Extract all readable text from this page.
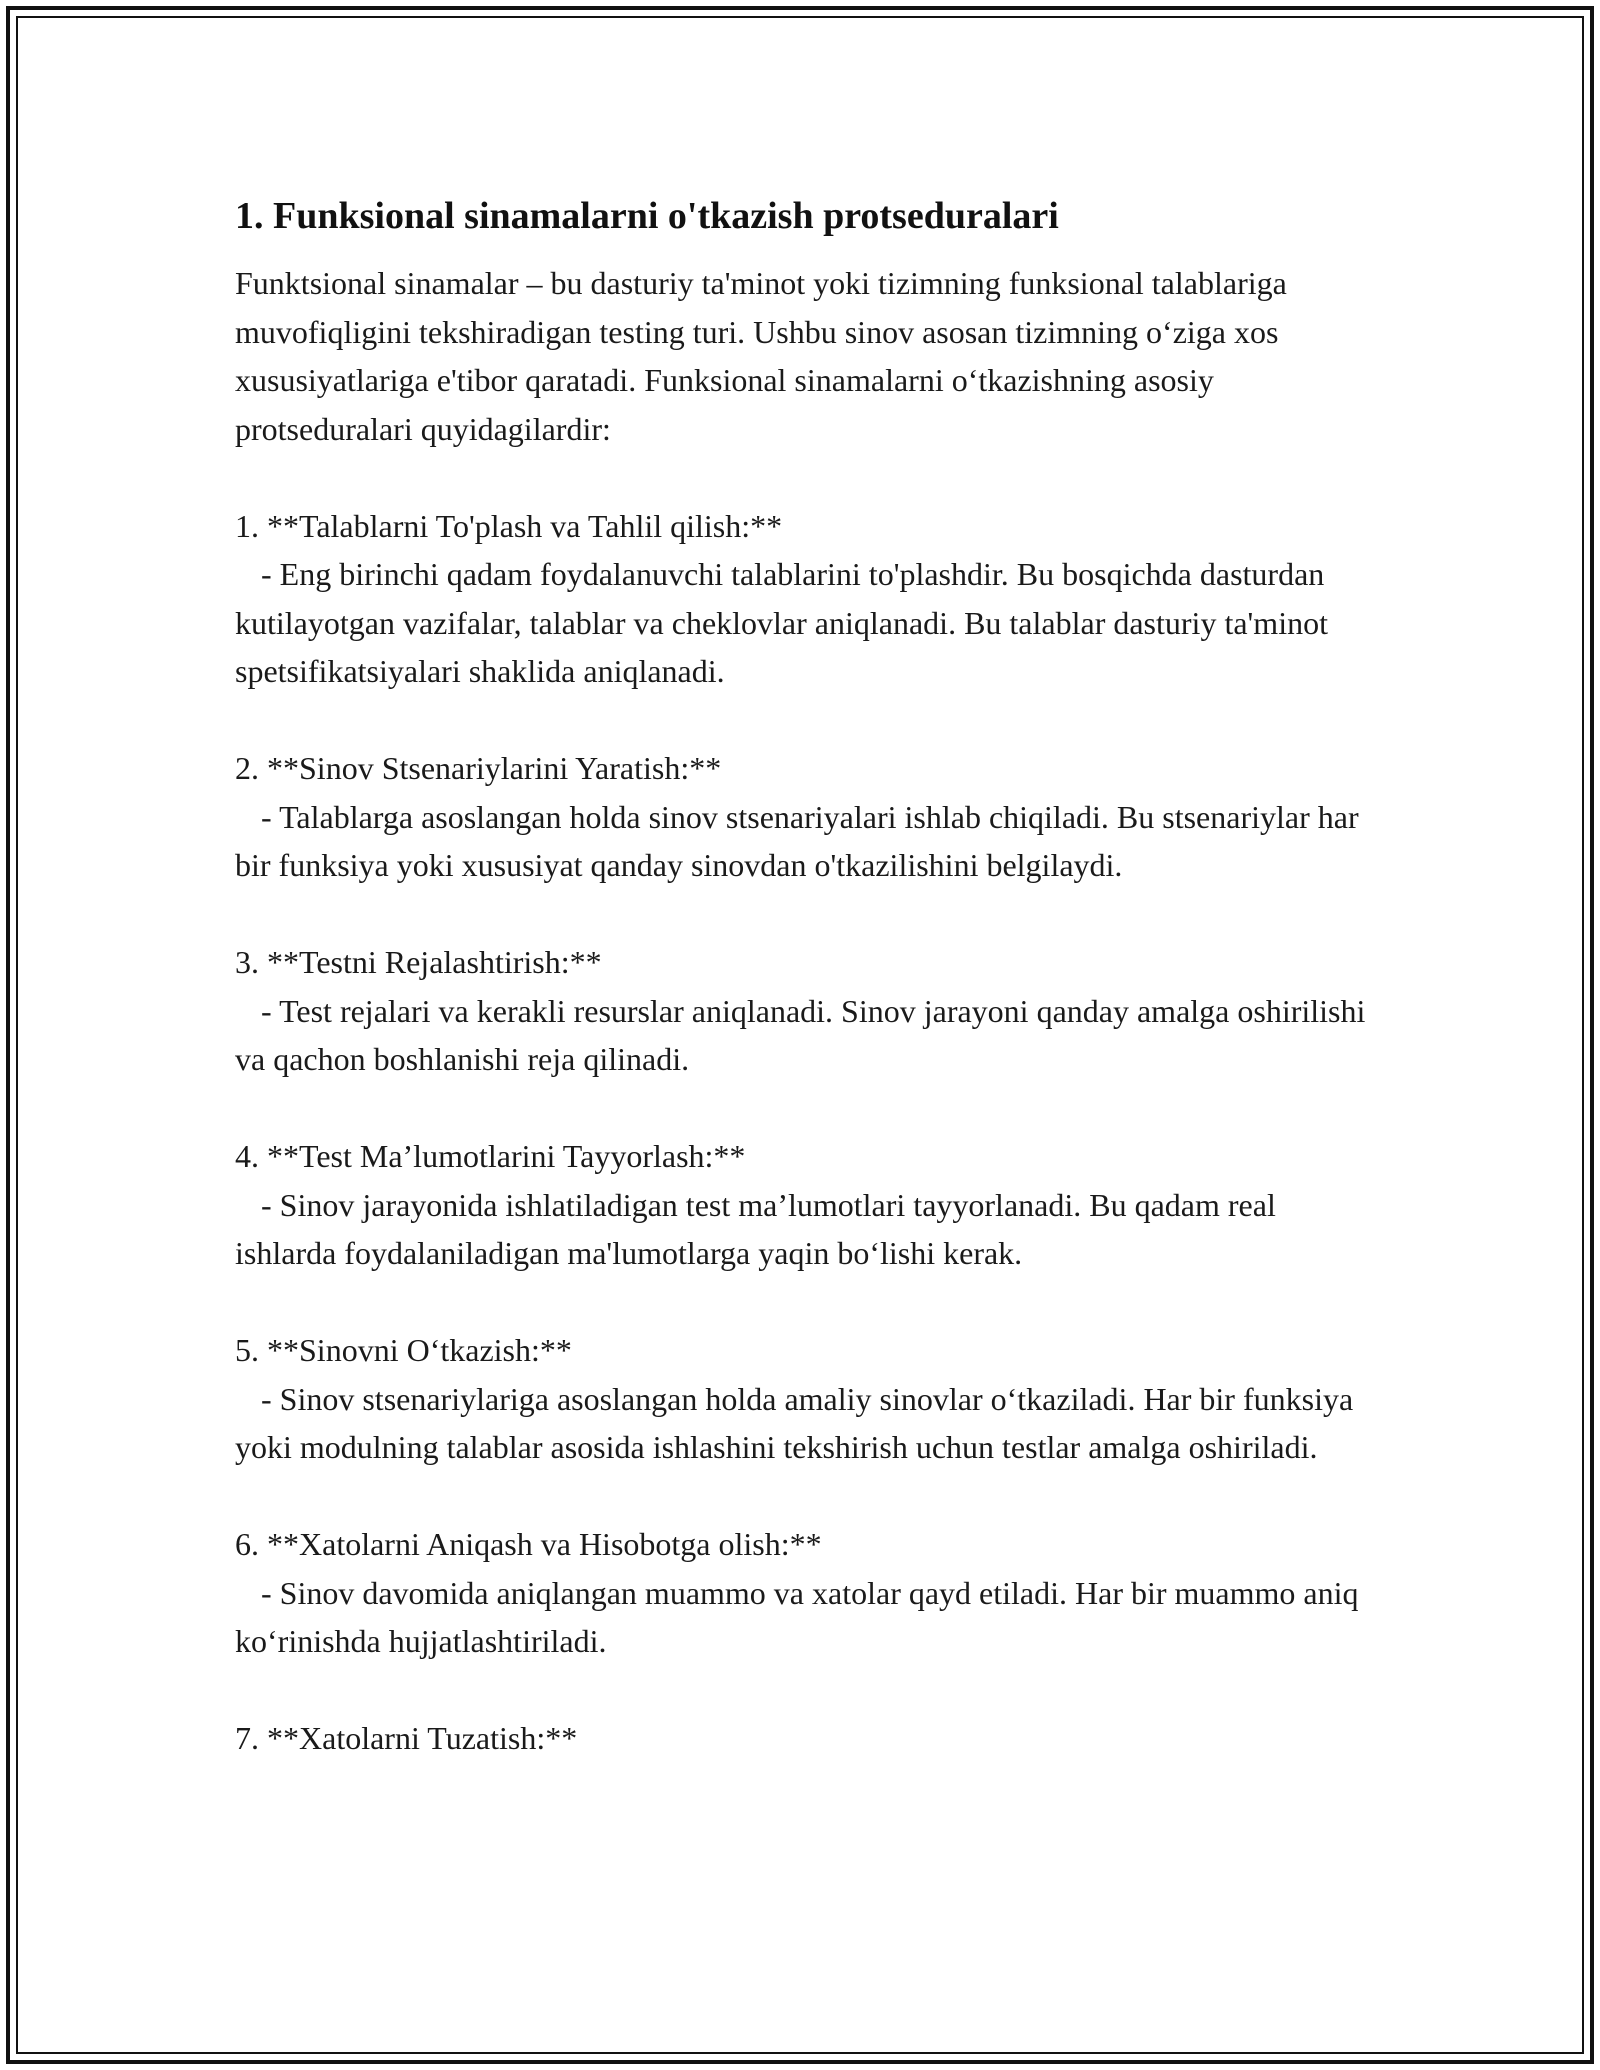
1. Funksional sinamalarni o'tkazish protseduralari

Funktsional sinamalar – bu dasturiy ta'minot yoki tizimning funksional talablariga muvofiqligini tekshiradigan testing turi. Ushbu sinov asosan tizimning o‘ziga xos xususiyatlariga e'tibor qaratadi. Funksional sinamalarni o‘tkazishning asosiy protseduralari quyidagilardir:

1. **Talablarni To'plash va Tahlil qilish:**
- Eng birinchi qadam foydalanuvchi talablarini to'plashdir. Bu bosqichda dasturdan kutilayotgan vazifalar, talablar va cheklovlar aniqlanadi. Bu talablar dasturiy ta'minot spetsifikatsiyalari shaklida aniqlanadi.
2. **Sinov Stsenariylarini Yaratish:**
- Talablarga asoslangan holda sinov stsenariyalari ishlab chiqiladi. Bu stsenariylar har bir funksiya yoki xususiyat qanday sinovdan o'tkazilishini belgilaydi.
3. **Testni Rejalashtirish:**
- Test rejalari va kerakli resurslar aniqlanadi. Sinov jarayoni qanday amalga oshirilishi va qachon boshlanishi reja qilinadi.
4. **Test Ma’lumotlarini Tayyorlash:**
- Sinov jarayonida ishlatiladigan test ma’lumotlari tayyorlanadi. Bu qadam real ishlarda foydalaniladigan ma'lumotlarga yaqin bo‘lishi kerak.
5. **Sinovni O‘tkazish:**
- Sinov stsenariylariga asoslangan holda amaliy sinovlar o‘tkaziladi. Har bir funksiya yoki modulning talablar asosida ishlashini tekshirish uchun testlar amalga oshiriladi.
6. **Xatolarni Aniqash va Hisobotga olish:**
- Sinov davomida aniqlangan muammo va xatolar qayd etiladi. Har bir muammo aniq ko‘rinishda hujjatlashtiriladi.
7. **Xatolarni Tuzatish:**
